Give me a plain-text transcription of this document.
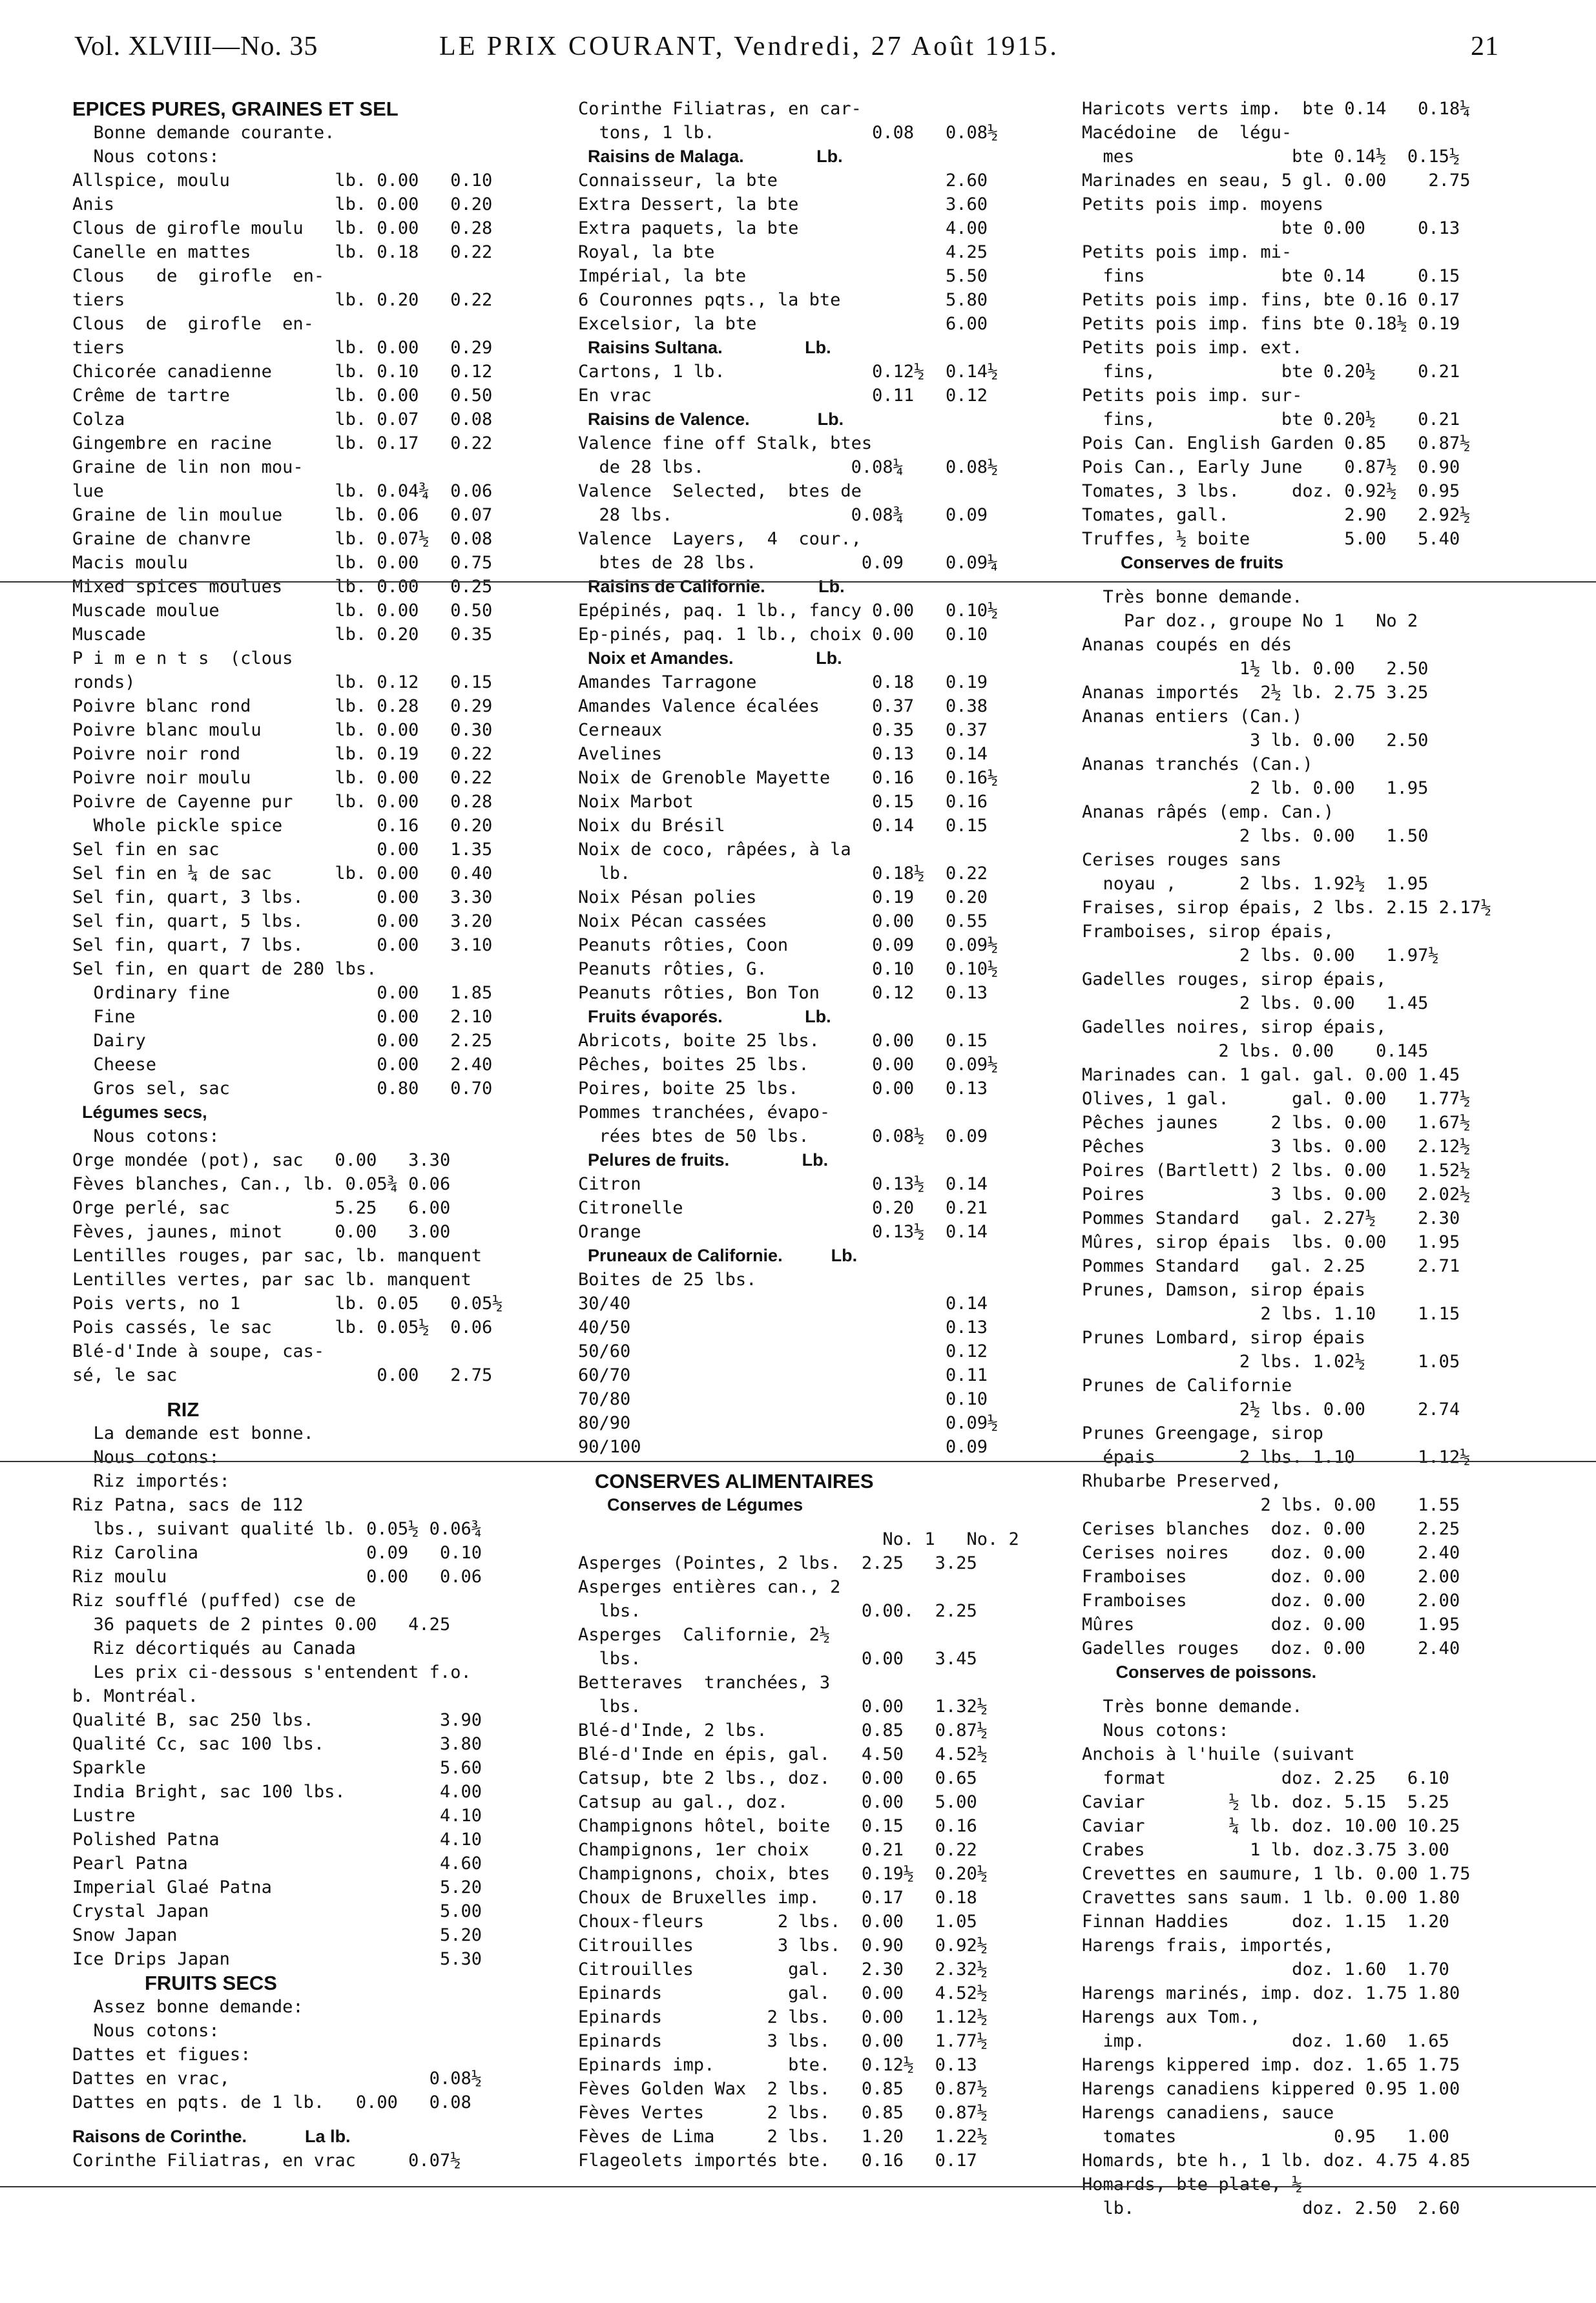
Vol. XLVIII—No. 35	LE PRIX COURANT, Vendredi, 27 Août 1915.	21
EPICES PURES, GRAINES ET SEL
Bonne demande courante.
Nous cotons:
Allspice, moulu          lb. 0.00   0.10
Anis                     lb. 0.00   0.20
Clous de girofle moulu   lb. 0.00   0.28
Canelle en mattes        lb. 0.18   0.22
Clous   de  girofle  en-
tiers                    lb. 0.20   0.22
Clous  de  girofle  en-
tiers                    lb. 0.00   0.29
Chicorée canadienne      lb. 0.10   0.12
Crême de tartre          lb. 0.00   0.50
Colza                    lb. 0.07   0.08
Gingembre en racine      lb. 0.17   0.22
Graine de lin non mou-
lue                      lb. 0.04¾  0.06
Graine de lin moulue     lb. 0.06   0.07
Graine de chanvre        lb. 0.07½  0.08
Macis moulu              lb. 0.00   0.75
Mixed spices moulues     lb. 0.00   0.25
Muscade moulue           lb. 0.00   0.50
Muscade                  lb. 0.20   0.35
P i m e n t s  (clous
ronds)                   lb. 0.12   0.15
Poivre blanc rond        lb. 0.28   0.29
Poivre blanc moulu       lb. 0.00   0.30
Poivre noir rond         lb. 0.19   0.22
Poivre noir moulu        lb. 0.00   0.22
Poivre de Cayenne pur    lb. 0.00   0.28
Whole pickle spice         0.16   0.20
Sel fin en sac               0.00   1.35
Sel fin en ¼ de sac      lb. 0.00   0.40
Sel fin, quart, 3 lbs.       0.00   3.30
Sel fin, quart, 5 lbs.       0.00   3.20
Sel fin, quart, 7 lbs.       0.00   3.10
Sel fin, en quart de 280 lbs.
Ordinary fine              0.00   1.85
Fine                       0.00   2.10
Dairy                      0.00   2.25
Cheese                     0.00   2.40
Gros sel, sac              0.80   0.70
Légumes secs,
Nous cotons:
Orge mondée (pot), sac   0.00   3.30
Fèves blanches, Can., lb. 0.05¾ 0.06
Orge perlé, sac          5.25   6.00
Fèves, jaunes, minot     0.00   3.00
Lentilles rouges, par sac, lb. manquent
Lentilles vertes, par sac lb. manquent
Pois verts, no 1         lb. 0.05   0.05½
Pois cassés, le sac      lb. 0.05½  0.06
Blé-d'Inde à soupe, cas-
sé, le sac                   0.00   2.75
RIZ
La demande est bonne.
Nous cotons:
Riz importés:
Riz Patna, sacs de 112
lbs., suivant qualité lb. 0.05½ 0.06¾
Riz Carolina                0.09   0.10
Riz moulu                   0.00   0.06
Riz soufflé (puffed) cse de
36 paquets de 2 pintes 0.00   4.25
Riz décortiqués au Canada
Les prix ci-dessous s'entendent f.o.
b. Montréal.
Qualité B, sac 250 lbs.            3.90
Qualité Cc, sac 100 lbs.           3.80
Sparkle                            5.60
India Bright, sac 100 lbs.         4.00
Lustre                             4.10
Polished Patna                     4.10
Pearl Patna                        4.60
Imperial Glaé Patna                5.20
Crystal Japan                      5.00
Snow Japan                         5.20
Ice Drips Japan                    5.30
FRUITS SECS
Assez bonne demande:
Nous cotons:
Dattes et figues:
Dattes en vrac,                   0.08½
Dattes en pqts. de 1 lb.   0.00   0.08
Raisons de Corinthe.            La lb.
Corinthe Filiatras, en vrac     0.07½
Corinthe Filiatras, en car-
tons, 1 lb.               0.08   0.08½
Raisins de Malaga.               Lb.
Connaisseur, la bte                2.60
Extra Dessert, la bte              3.60
Extra paquets, la bte              4.00
Royal, la bte                      4.25
Impérial, la bte                   5.50
6 Couronnes pqts., la bte          5.80
Excelsior, la bte                  6.00
Raisins Sultana.                 Lb.
Cartons, 1 lb.              0.12½  0.14½
En vrac                     0.11   0.12
Raisins de Valence.              Lb.
Valence fine off Stalk, btes
de 28 lbs.              0.08¼    0.08½
Valence  Selected,  btes de
28 lbs.                 0.08¾    0.09
Valence  Layers,  4  cour.,
btes de 28 lbs.          0.09    0.09¼
Raisins de Californie.           Lb.
Epépinés, paq. 1 lb., fancy 0.00   0.10½
Ep-pinés, paq. 1 lb., choix 0.00   0.10
Noix et Amandes.                 Lb.
Amandes Tarragone           0.18   0.19
Amandes Valence écalées     0.37   0.38
Cerneaux                    0.35   0.37
Avelines                    0.13   0.14
Noix de Grenoble Mayette    0.16   0.16½
Noix Marbot                 0.15   0.16
Noix du Brésil              0.14   0.15
Noix de coco, râpées, à la
lb.                       0.18½  0.22
Noix Pésan polies           0.19   0.20
Noix Pécan cassées          0.00   0.55
Peanuts rôties, Coon        0.09   0.09½
Peanuts rôties, G.          0.10   0.10½
Peanuts rôties, Bon Ton     0.12   0.13
Fruits évaporés.                 Lb.
Abricots, boite 25 lbs.     0.00   0.15
Pêches, boites 25 lbs.      0.00   0.09½
Poires, boite 25 lbs.       0.00   0.13
Pommes tranchées, évapo-
rées btes de 50 lbs.      0.08½  0.09
Pelures de fruits.               Lb.
Citron                      0.13½  0.14
Citronelle                  0.20   0.21
Orange                      0.13½  0.14
Pruneaux de Californie.          Lb.
Boites de 25 lbs.
30/40                              0.14
40/50                              0.13
50/60                              0.12
60/70                              0.11
70/80                              0.10
80/90                              0.09½
90/100                             0.09
CONSERVES ALIMENTAIRES
Conserves de Légumes
No. 1   No. 2
Asperges (Pointes, 2 lbs.  2.25   3.25
Asperges entières can., 2
lbs.                     0.00.  2.25
Asperges  Californie, 2½
lbs.                     0.00   3.45
Betteraves  tranchées, 3
lbs.                     0.00   1.32½
Blé-d'Inde, 2 lbs.         0.85   0.87½
Blé-d'Inde en épis, gal.   4.50   4.52½
Catsup, bte 2 lbs., doz.   0.00   0.65
Catsup au gal., doz.       0.00   5.00
Champignons hôtel, boite   0.15   0.16
Champignons, 1er choix     0.21   0.22
Champignons, choix, btes   0.19½  0.20½
Choux de Bruxelles imp.    0.17   0.18
Choux-fleurs       2 lbs.  0.00   1.05
Citrouilles        3 lbs.  0.90   0.92½
Citrouilles         gal.   2.30   2.32½
Epinards            gal.   0.00   4.52½
Epinards          2 lbs.   0.00   1.12½
Epinards          3 lbs.   0.00   1.77½
Epinards imp.       bte.   0.12½  0.13
Fèves Golden Wax  2 lbs.   0.85   0.87½
Fèves Vertes      2 lbs.   0.85   0.87½
Fèves de Lima     2 lbs.   1.20   1.22½
Flageolets importés bte.   0.16   0.17
Haricots verts imp.  bte 0.14   0.18¼
Macédoine  de  légu-
mes               bte 0.14½  0.15½
Marinades en seau, 5 gl. 0.00    2.75
Petits pois imp. moyens
bte 0.00     0.13
Petits pois imp. mi-
fins             bte 0.14     0.15
Petits pois imp. fins, bte 0.16 0.17
Petits pois imp. fins bte 0.18½ 0.19
Petits pois imp. ext.
fins,            bte 0.20½    0.21
Petits pois imp. sur-
fins,            bte 0.20½    0.21
Pois Can. English Garden 0.85   0.87½
Pois Can., Early June    0.87½  0.90
Tomates, 3 lbs.     doz. 0.92½  0.95
Tomates, gall.           2.90   2.92½
Truffes, ½ boite         5.00   5.40
Conserves de fruits
Très bonne demande.
Par doz., groupe No 1   No 2
Ananas coupés en dés
1½ lb. 0.00   2.50
Ananas importés  2½ lb. 2.75 3.25
Ananas entiers (Can.)
3 lb. 0.00   2.50
Ananas tranchés (Can.)
2 lb. 0.00   1.95
Ananas râpés (emp. Can.)
2 lbs. 0.00   1.50
Cerises rouges sans
noyau ,      2 lbs. 1.92½  1.95
Fraises, sirop épais, 2 lbs. 2.15 2.17½
Framboises, sirop épais,
2 lbs. 0.00   1.97½
Gadelles rouges, sirop épais,
2 lbs. 0.00   1.45
Gadelles noires, sirop épais,
2 lbs. 0.00    0.145
Marinades can. 1 gal. gal. 0.00 1.45
Olives, 1 gal.      gal. 0.00   1.77½
Pêches jaunes     2 lbs. 0.00   1.67½
Pêches            3 lbs. 0.00   2.12½
Poires (Bartlett) 2 lbs. 0.00   1.52½
Poires            3 lbs. 0.00   2.02½
Pommes Standard   gal. 2.27½    2.30
Mûres, sirop épais  lbs. 0.00   1.95
Pommes Standard   gal. 2.25     2.71
Prunes, Damson, sirop épais
2 lbs. 1.10    1.15
Prunes Lombard, sirop épais
2 lbs. 1.02½     1.05
Prunes de Californie
2½ lbs. 0.00     2.74
Prunes Greengage, sirop
épais        2 lbs. 1.10      1.12½
Rhubarbe Preserved,
2 lbs. 0.00    1.55
Cerises blanches  doz. 0.00     2.25
Cerises noires    doz. 0.00     2.40
Framboises        doz. 0.00     2.00
Framboises        doz. 0.00     2.00
Mûres             doz. 0.00     1.95
Gadelles rouges   doz. 0.00     2.40
Conserves de poissons.
Très bonne demande.
Nous cotons:
Anchois à l'huile (suivant
format           doz. 2.25   6.10
Caviar        ½ lb. doz. 5.15  5.25
Caviar        ¼ lb. doz. 10.00 10.25
Crabes          1 lb. doz.3.75 3.00
Crevettes en saumure, 1 lb. 0.00 1.75
Cravettes sans saum. 1 lb. 0.00 1.80
Finnan Haddies      doz. 1.15  1.20
Harengs frais, importés,
doz. 1.60  1.70
Harengs marinés, imp. doz. 1.75 1.80
Harengs aux Tom.,
imp.              doz. 1.60  1.65
Harengs kippered imp. doz. 1.65 1.75
Harengs canadiens kippered 0.95 1.00
Harengs canadiens, sauce
tomates               0.95   1.00
Homards, bte h., 1 lb. doz. 4.75 4.85
Homards, bte plate, ½
lb.                doz. 2.50  2.60
